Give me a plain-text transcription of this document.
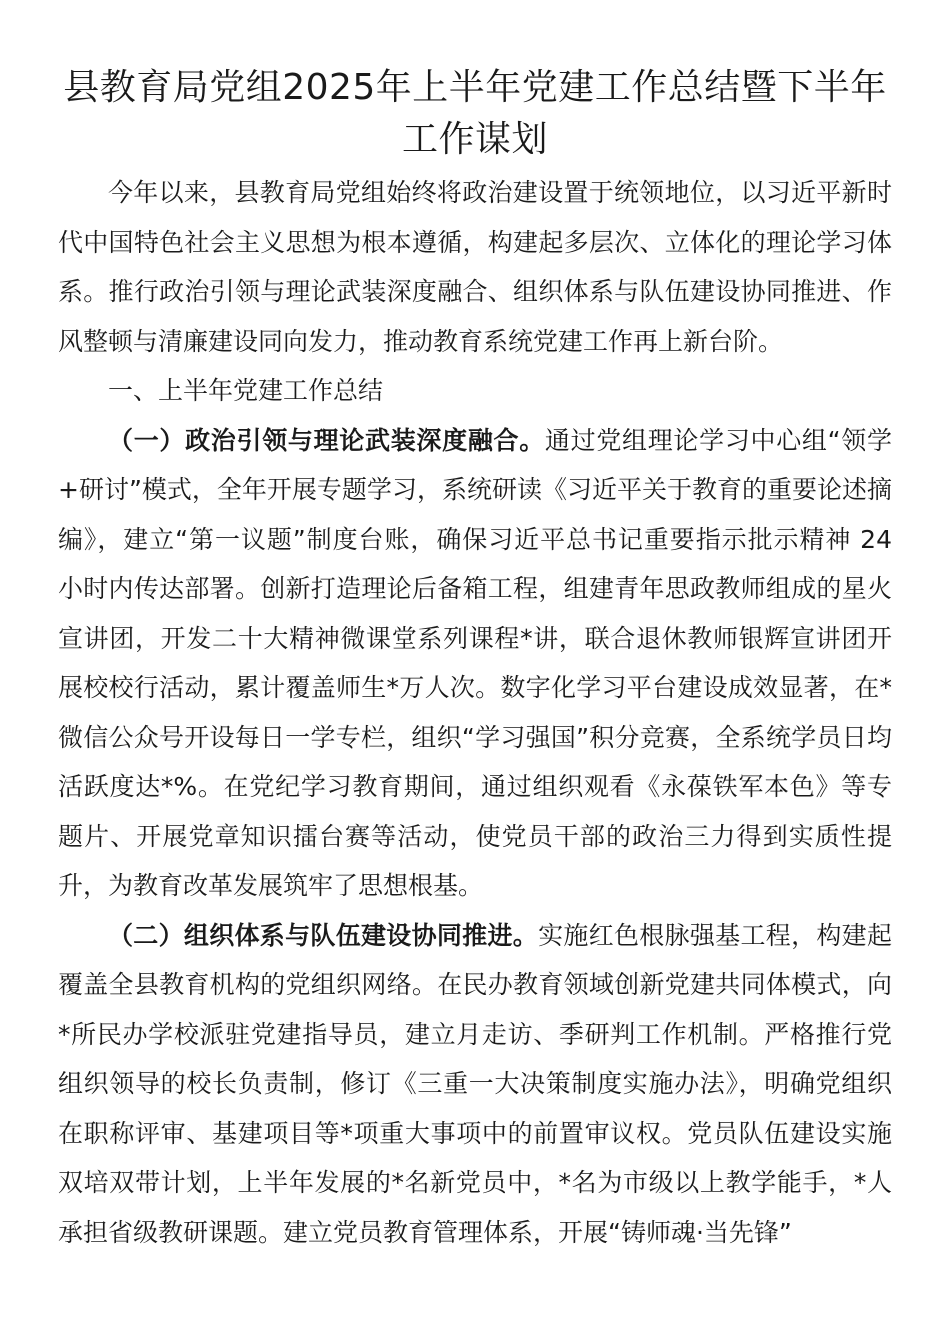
县教育局党组2025年上半年党建工作总结暨下半年
工作谋划

今年以来，县教育局党组始终将政治建设置于统领地位，以习近平新时代中国特色社会主义思想为根本遵循，构建起多层次、立体化的理论学习体系。推行政治引领与理论武装深度融合、组织体系与队伍建设协同推进、作风整顿与清廉建设同向发力，推动教育系统党建工作再上新台阶。

一、上半年党建工作总结

（一）政治引领与理论武装深度融合。通过党组理论学习中心组“领学+研讨”模式，全年开展专题学习，系统研读《习近平关于教育的重要论述摘编》，建立“第一议题”制度台账，确保习近平总书记重要指示批示精神 24 小时内传达部署。创新打造理论后备箱工程，组建青年思政教师组成的星火宣讲团，开发二十大精神微课堂系列课程*讲，联合退休教师银辉宣讲团开展校校行活动，累计覆盖师生*万人次。数字化学习平台建设成效显著，在*微信公众号开设每日一学专栏，组织“学习强国”积分竞赛，全系统学员日均活跃度达*%。在党纪学习教育期间，通过组织观看《永葆铁军本色》等专题片、开展党章知识擂台赛等活动，使党员干部的政治三力得到实质性提升，为教育改革发展筑牢了思想根基。

（二）组织体系与队伍建设协同推进。实施红色根脉强基工程，构建起覆盖全县教育机构的党组织网络。在民办教育领域创新党建共同体模式，向*所民办学校派驻党建指导员，建立月走访、季研判工作机制。严格推行党组织领导的校长负责制，修订《三重一大决策制度实施办法》，明确党组织在职称评审、基建项目等*项重大事项中的前置审议权。党员队伍建设实施双培双带计划，上半年发展的*名新党员中，*名为市级以上教学能手，*人承担省级教研课题。建立党员教育管理体系，开展“铸师魂·当先锋”
